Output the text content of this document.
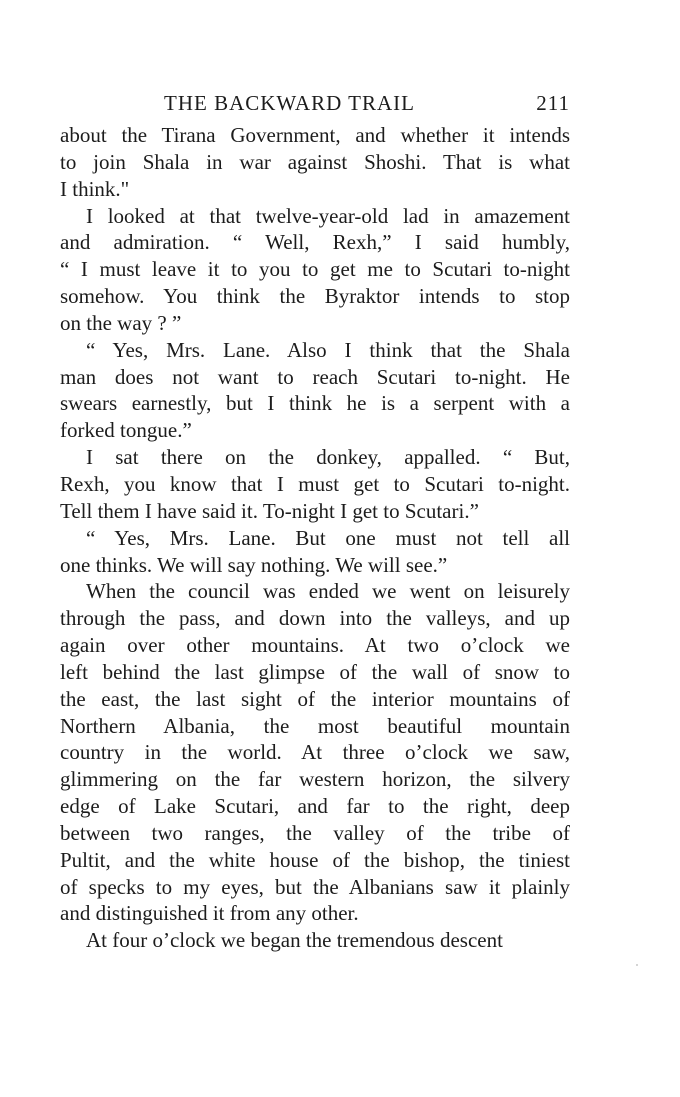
THE BACKWARD TRAIL	211
about the Tirana Government, and whether it intends
to join Shala in war against Shoshi. That is what
I think."
I looked at that twelve-year-old lad in amazement
and admiration. “ Well, Rexh,” I said humbly,
“ I must leave it to you to get me to Scutari to-night
somehow. You think the Byraktor intends to stop
on the way ? ”
“ Yes, Mrs. Lane. Also I think that the Shala
man does not want to reach Scutari to-night. He
swears earnestly, but I think he is a serpent with a
forked tongue.”
I sat there on the donkey, appalled. “ But,
Rexh, you know that I must get to Scutari to-night.
Tell them I have said it. To-night I get to Scutari.”
“ Yes, Mrs. Lane. But one must not tell all
one thinks. We will say nothing. We will see.”
When the council was ended we went on leisurely
through the pass, and down into the valleys, and up
again over other mountains. At two o’clock we
left behind the last glimpse of the wall of snow to
the east, the last sight of the interior mountains of
Northern Albania, the most beautiful mountain
country in the world. At three o’clock we saw,
glimmering on the far western horizon, the silvery
edge of Lake Scutari, and far to the right, deep
between two ranges, the valley of the tribe of
Pultit, and the white house of the bishop, the tiniest
of specks to my eyes, but the Albanians saw it plainly
and distinguished it from any other.
At four o’clock we began the tremendous descent
